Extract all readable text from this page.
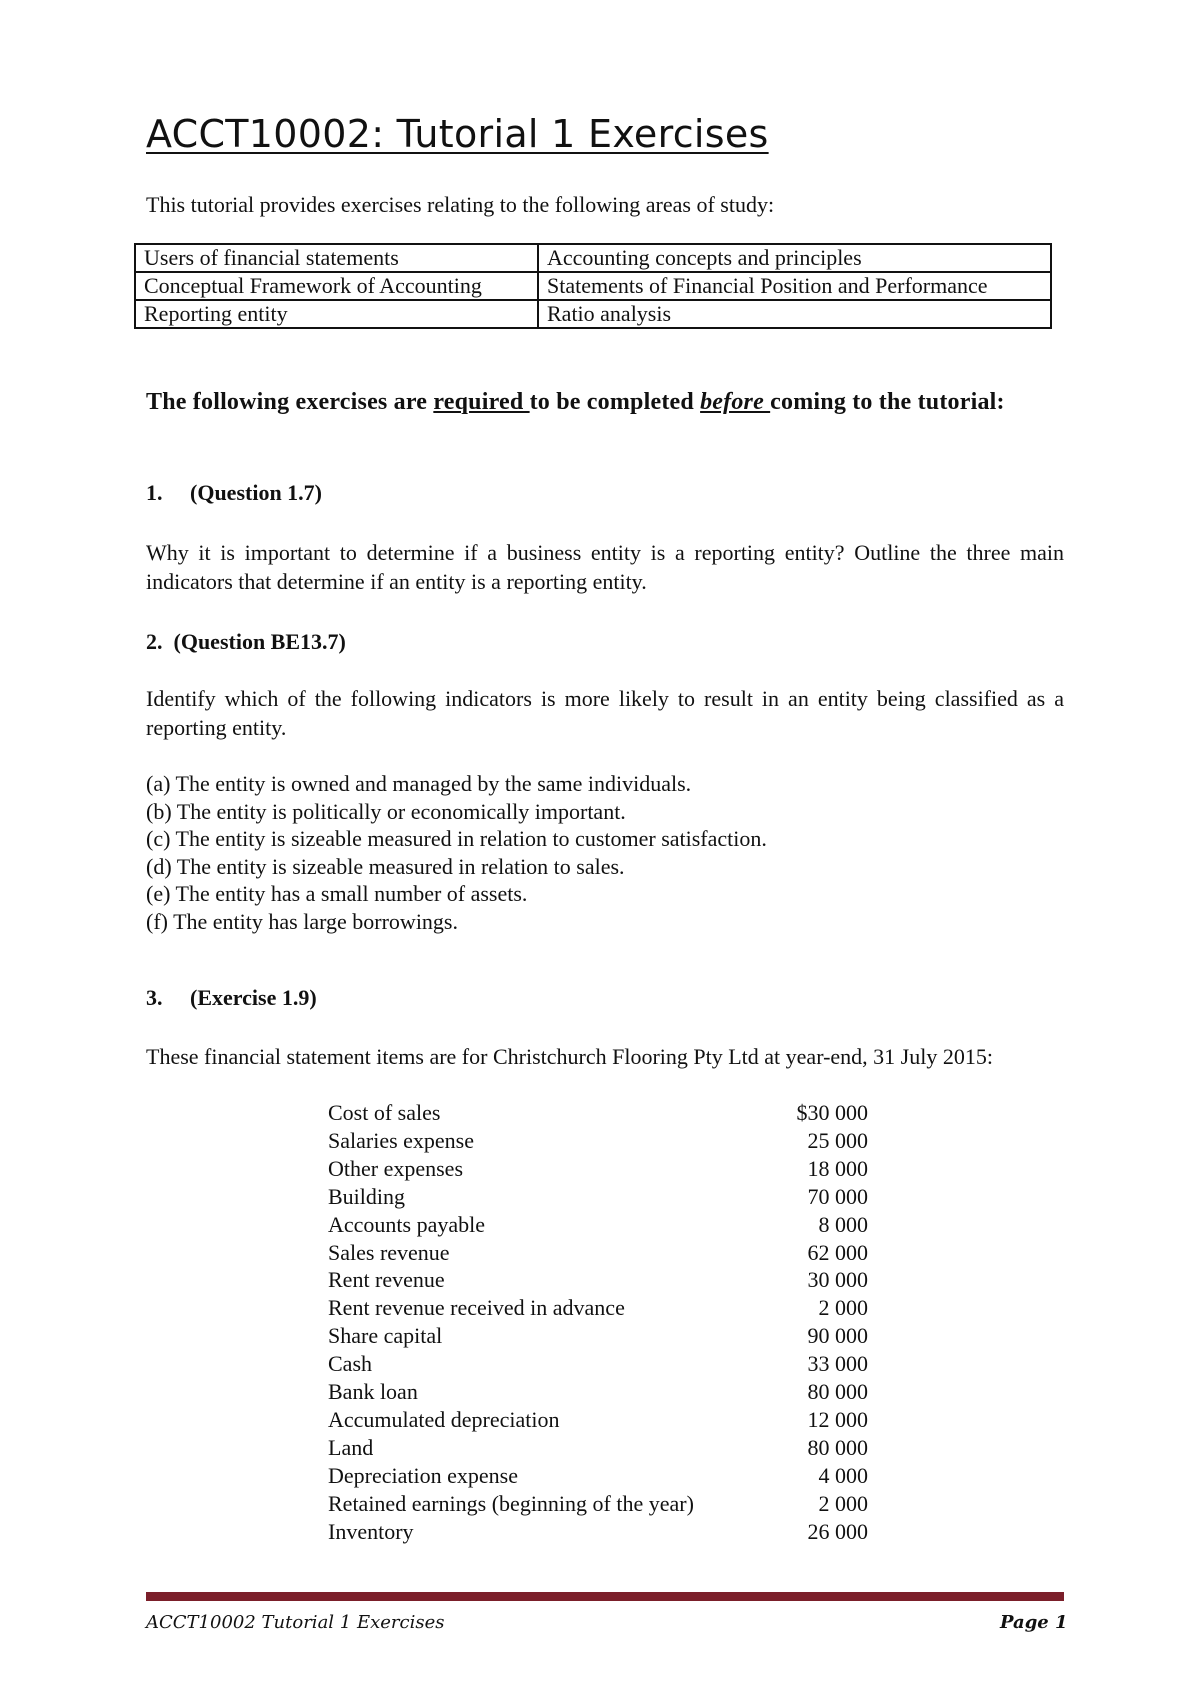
ACCT10002: Tutorial 1 Exercises
This tutorial provides exercises relating to the following areas of study:
Users of financial statements	Accounting concepts and principles
Conceptual Framework of Accounting	Statements of Financial Position and Performance
Reporting entity	Ratio analysis
The following exercises are required to be completed before coming to the tutorial:
1. (Question 1.7)
Why it is important to determine if a business entity is a reporting entity? Outline the three main indicators that determine if an entity is a reporting entity.
2. (Question BE13.7)
Identify which of the following indicators is more likely to result in an entity being classified as a reporting entity.
(a) The entity is owned and managed by the same individuals.
(b) The entity is politically or economically important.
(c) The entity is sizeable measured in relation to customer satisfaction.
(d) The entity is sizeable measured in relation to sales.
(e) The entity has a small number of assets.
(f) The entity has large borrowings.
3. (Exercise 1.9)
These financial statement items are for Christchurch Flooring Pty Ltd at year-end, 31 July 2015:
Cost of sales	$30 000
Salaries expense	25 000
Other expenses	18 000
Building	70 000
Accounts payable	8 000
Sales revenue	62 000
Rent revenue	30 000
Rent revenue received in advance	2 000
Share capital	90 000
Cash	33 000
Bank loan	80 000
Accumulated depreciation	12 000
Land	80 000
Depreciation expense	4 000
Retained earnings (beginning of the year)	2 000
Inventory	26 000
ACCT10002 Tutorial 1 Exercises	Page 1
